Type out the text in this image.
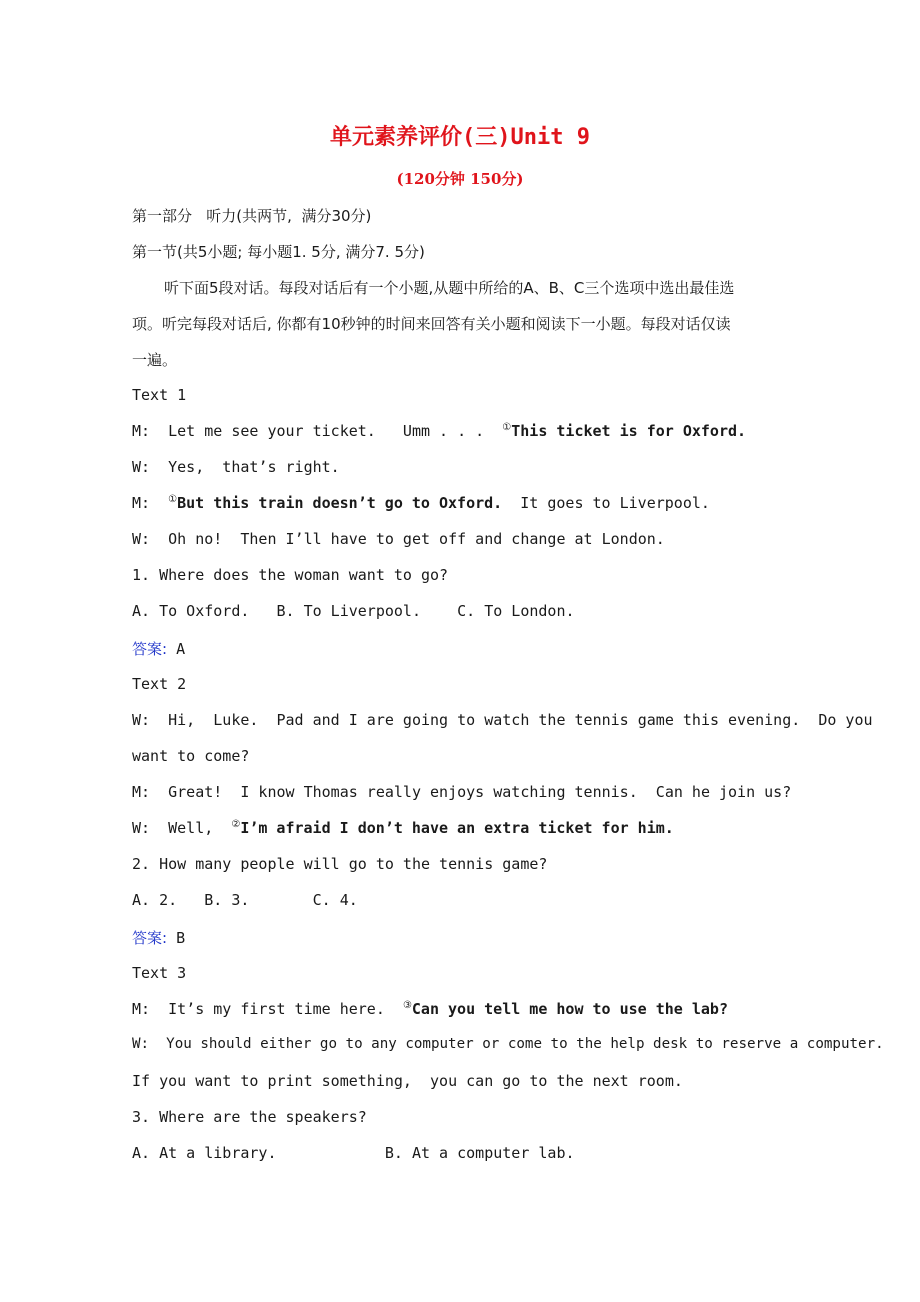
单元素养评价(三)Unit 9
(120分钟 150分)
第一部分   听力(共两节,  满分30分)
第一节(共5小题; 每小题1. 5分, 满分7. 5分)
听下面5段对话。每段对话后有一个小题,从题中所给的A、B、C三个选项中选出最佳选
项。听完每段对话后, 你都有10秒钟的时间来回答有关小题和阅读下一小题。每段对话仅读
一遍。
Text 1
M:  Let me see your ticket.   Umm . . .  ①This ticket is for Oxford.
W:  Yes,  that’s right.
M:  ①But this train doesn’t go to Oxford.  It goes to Liverpool.
W:  Oh no!  Then I’ll have to get off and change at London.
1. Where does the woman want to go?
A. To Oxford.   B. To Liverpool.    C. To London.
答案: A
Text 2
W:  Hi,  Luke.  Pad and I are going to watch the tennis game this evening.  Do you
want to come?
M:  Great!  I know Thomas really enjoys watching tennis.  Can he join us?
W:  Well,  ②I’m afraid I don’t have an extra ticket for him.
2. How many people will go to the tennis game?
A. 2.   B. 3.       C. 4.
答案: B
Text 3
M:  It’s my first time here.  ③Can you tell me how to use the lab?
W:  You should either go to any computer or come to the help desk to reserve a computer.
If you want to print something,  you can go to the next room.
3. Where are the speakers?
A. At a library.            B. At a computer lab.
